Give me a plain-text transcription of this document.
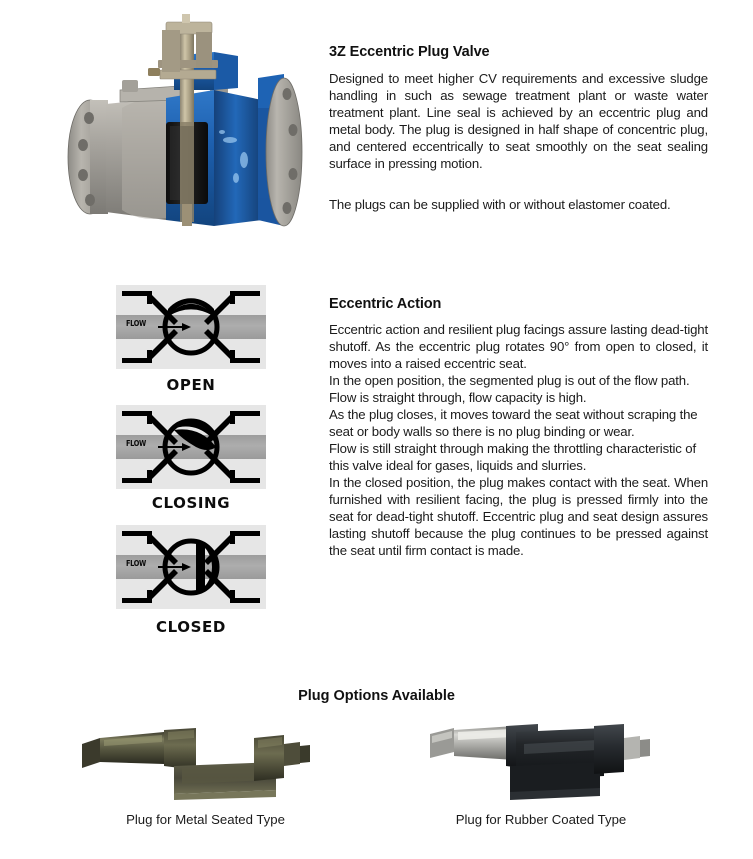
3Z Eccentric Plug Valve
Designed to meet higher CV requirements and excessive sludge handling in such as sewage treatment plant or waste water treatment plant. Line seal is achieved by an eccentric plug and metal body. The plug is designed in half shape of concentric plug, and centered eccentrically to seat smoothly on the seat sealing surface in pressing motion.
The plugs can be supplied with or without elastomer coated.
FLOW
OPEN
FLOW
CLOSING
FLOW
CLOSED
Eccentric Action
Eccentric action and resilient plug facings assure lasting dead-tight shutoff. As the eccentric plug rotates 90° from open to closed, it moves into a raised eccentric seat.
In the open position, the segmented plug is out of the flow path. Flow is straight through, flow capacity is high.
As the plug closes, it moves toward the seat without scraping the seat or body walls so there is no plug binding or wear.
Flow is still straight through making the throttling characteristic of this valve ideal for gases, liquids and slurries.
In the closed position, the plug makes contact with the seat. When furnished with resilient facing, the plug is pressed firmly into the seat for dead-tight shutoff. Eccentric plug and seat design assures lasting shutoff because the plug continues to be pressed against the seat until firm contact is made.
Plug Options Available
Plug for Metal Seated Type	Plug for Rubber Coated Type
